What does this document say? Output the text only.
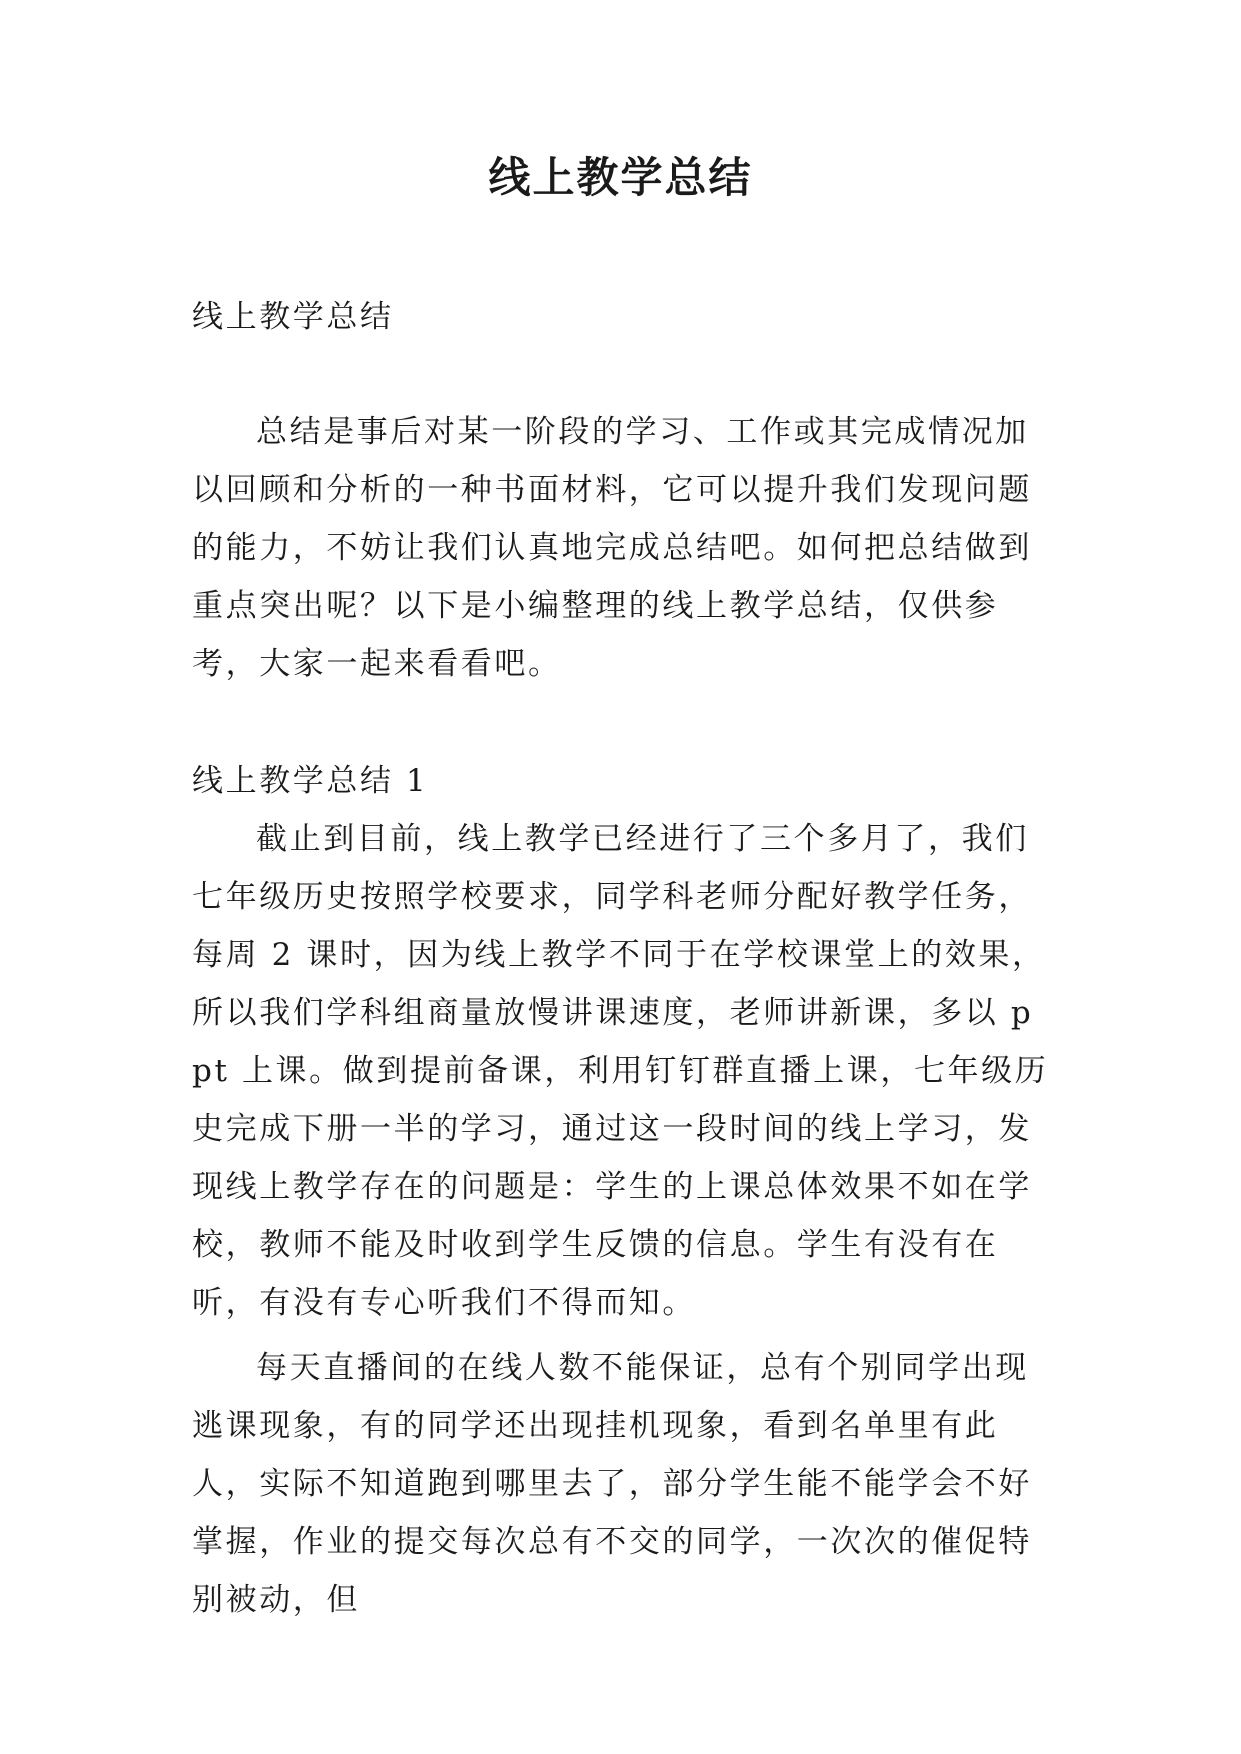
线上教学总结

线上教学总结

总结是事后对某一阶段的学习、工作或其完成情况加以回顾和分析的一种书面材料，它可以提升我们发现问题的能力，不妨让我们认真地完成总结吧。如何把总结做到重点突出呢？以下是小编整理的线上教学总结，仅供参考，大家一起来看看吧。

线上教学总结 1

截止到目前，线上教学已经进行了三个多月了，我们七年级历史按照学校要求，同学科老师分配好教学任务，每周 2 课时，因为线上教学不同于在学校课堂上的效果，所以我们学科组商量放慢讲课速度，老师讲新课，多以 ppt 上课。做到提前备课，利用钉钉群直播上课，七年级历史完成下册一半的学习，通过这一段时间的线上学习，发现线上教学存在的问题是：学生的上课总体效果不如在学校，教师不能及时收到学生反馈的信息。学生有没有在听，有没有专心听我们不得而知。

每天直播间的在线人数不能保证，总有个别同学出现逃课现象，有的同学还出现挂机现象，看到名单里有此人，实际不知道跑到哪里去了，部分学生能不能学会不好掌握，作业的提交每次总有不交的同学，一次次的催促特别被动，但
